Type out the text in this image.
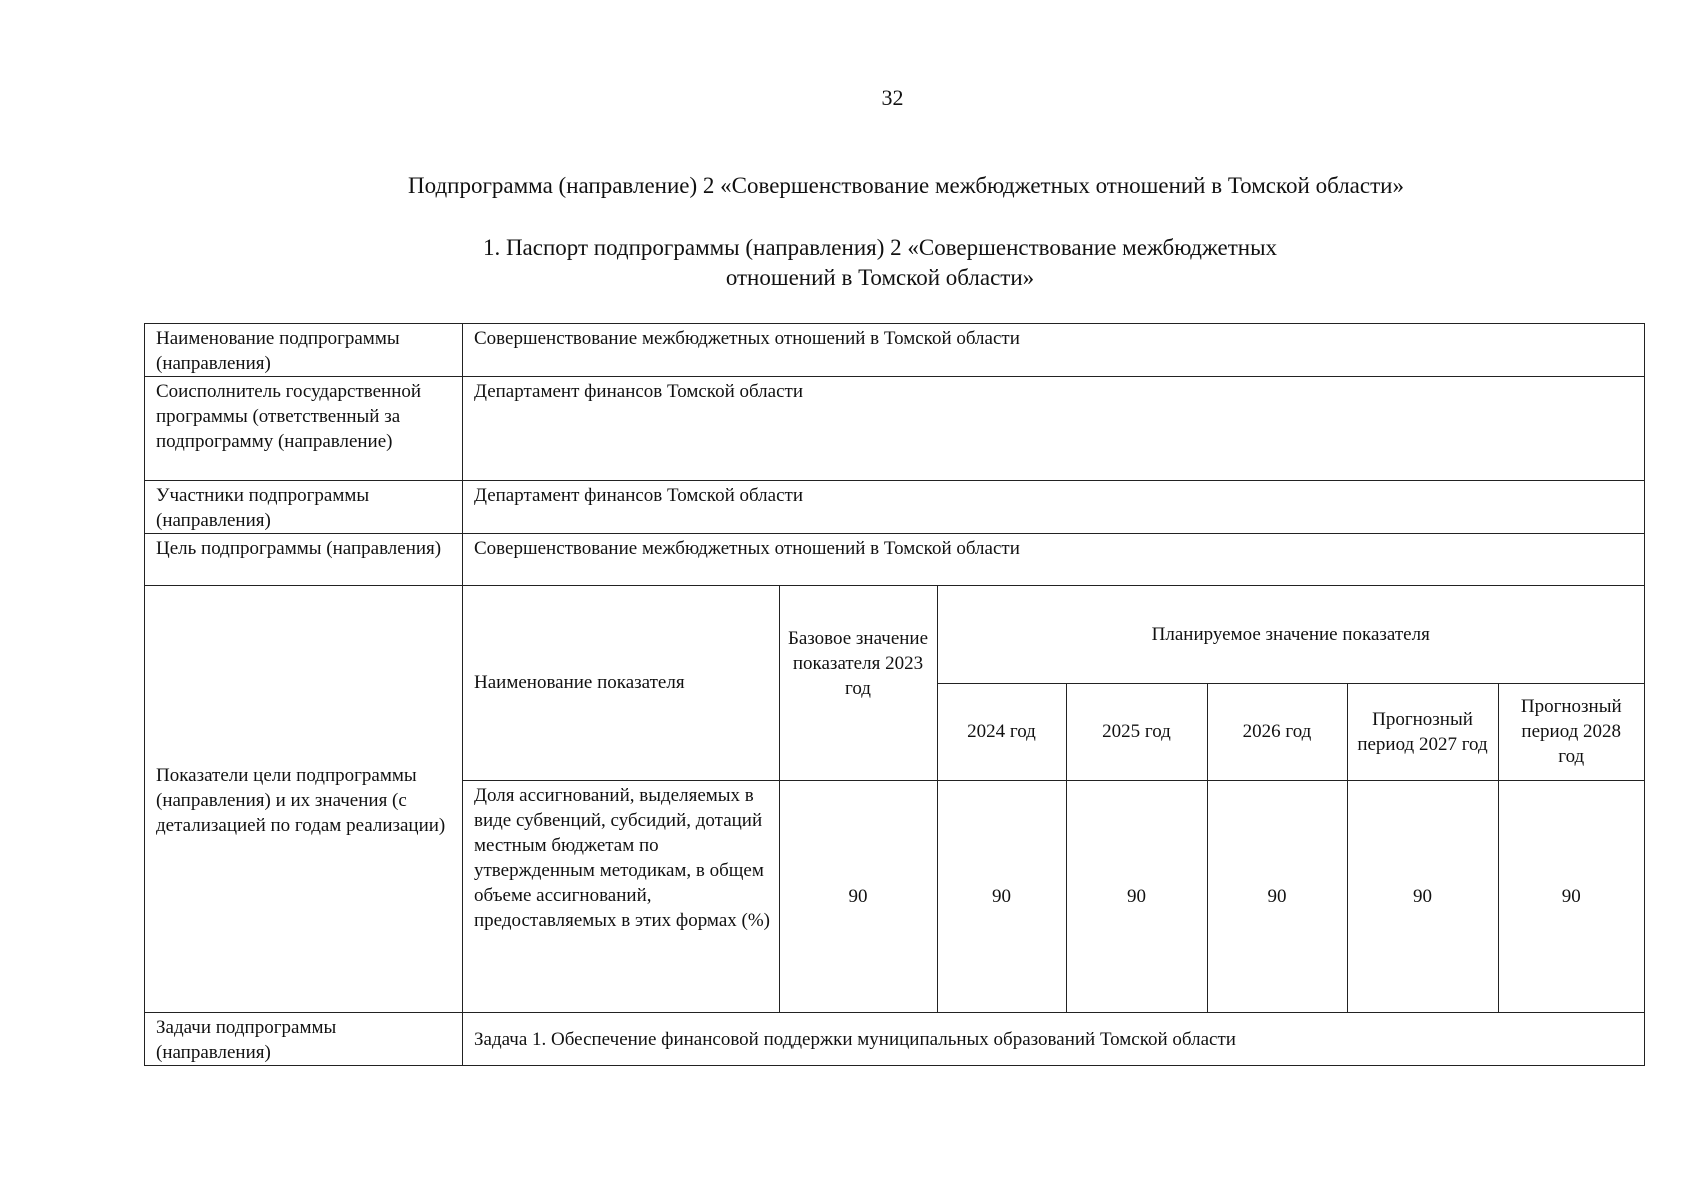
32
Подпрограмма (направление) 2 «Совершенствование межбюджетных отношений в Томской области»
1. Паспорт подпрограммы (направления) 2 «Совершенствование межбюджетных
отношений в Томской области»
Наименование подпрограммы (направления)	Совершенствование межбюджетных отношений в Томской области
Соисполнитель государственной программы (ответственный за подпрограмму (направление)	Департамент финансов Томской области
Участники подпрограммы (направления)	Департамент финансов Томской области
Цель подпрограммы (направления)	Совершенствование межбюджетных отношений в Томской области
Показатели цели подпрограммы (направления) и их значения (с детализацией по годам реализации)	
Наименование показателя	Базовое значение показателя 2023 год	Планируемое значение показателя
2024 год	2025 год	2026 год	Прогнозный период 2027 год	Прогнозный период 2028 год
Доля ассигнований, выделяемых в виде субвенций, субсидий, дотаций местным бюджетам по утвержденным методикам, в общем объеме ассигнований, предоставляемых в этих формах (%)	90	90	90	90	90	90

Задачи подпрограммы (направления)	Задача 1. Обеспечение финансовой поддержки муниципальных образований Томской области
